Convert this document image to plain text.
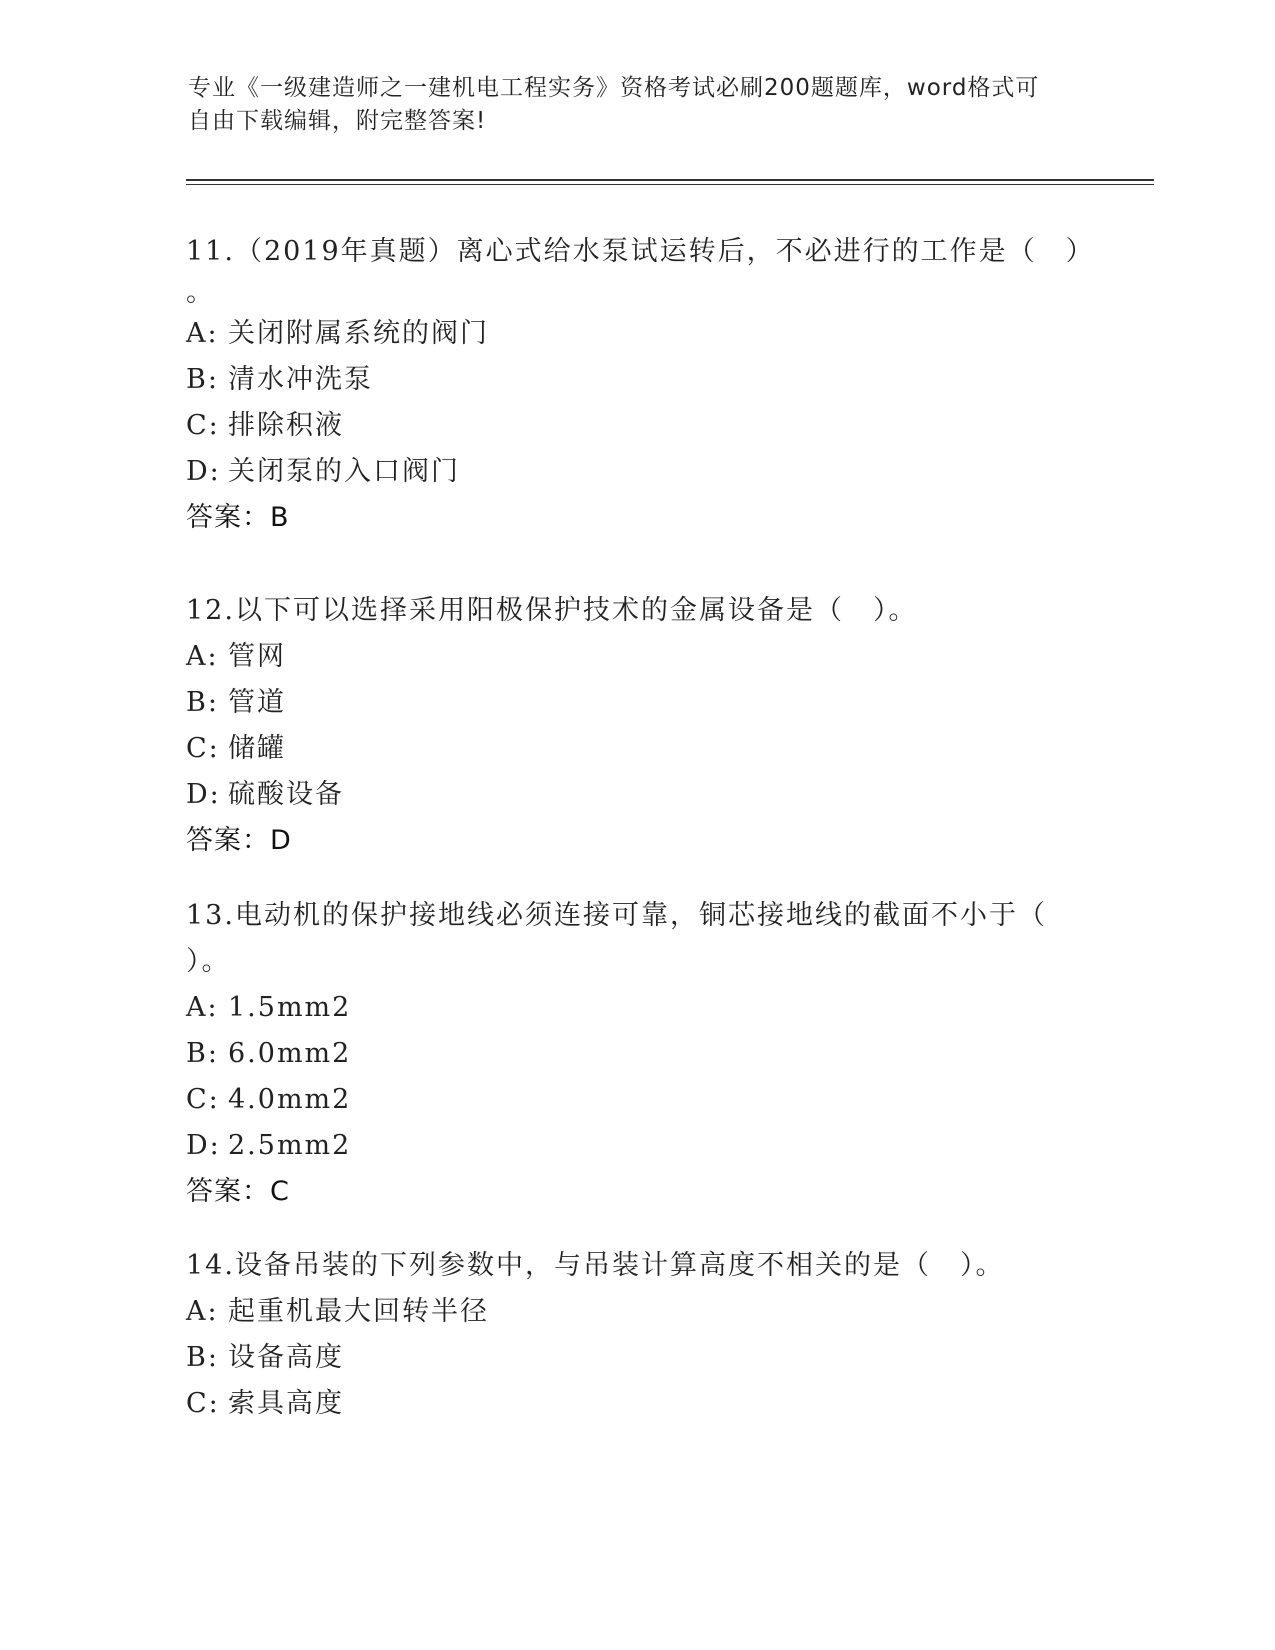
专业《一级建造师之一建机电工程实务》资格考试必刷200题题库，word格式可
自由下载编辑，附完整答案!

11.（2019年真题）离心式给水泵试运转后，不必进行的工作是（　）
。

A: 关闭附属系统的阀门

B: 清水冲洗泵

C: 排除积液

D: 关闭泵的入口阀门

答案：B

12.以下可以选择采用阳极保护技术的金属设备是（　）。

A: 管网

B: 管道

C: 储罐

D: 硫酸设备

答案：D

13.电动机的保护接地线必须连接可靠，铜芯接地线的截面不小于（
）。

A: 1.5mm2

B: 6.0mm2

C: 4.0mm2

D: 2.5mm2

答案：C

14.设备吊装的下列参数中，与吊装计算高度不相关的是（　）。

A: 起重机最大回转半径

B: 设备高度

C: 索具高度
